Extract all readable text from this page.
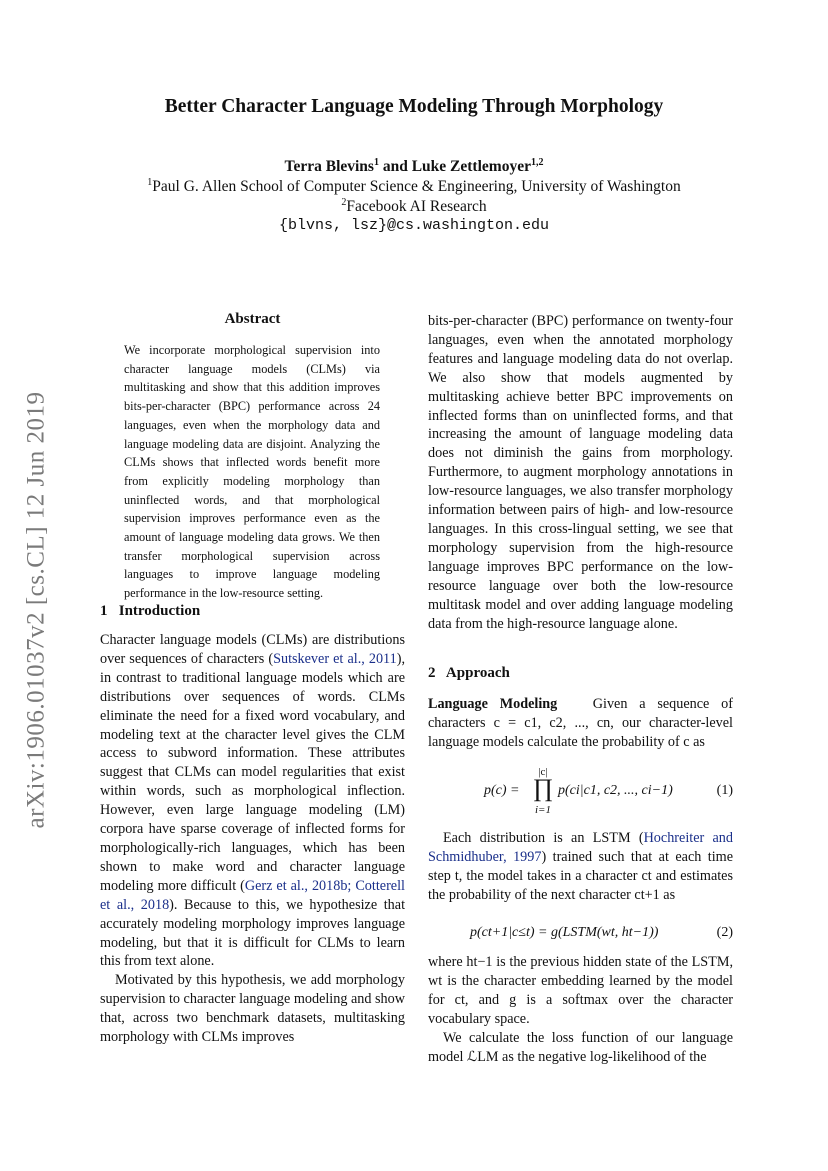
arXiv:1906.01037v2 [cs.CL] 12 Jun 2019
Better Character Language Modeling Through Morphology
Terra Blevins$^1$ and Luke Zettlemoyer$^{1,2}$
$^1$Paul G. Allen School of Computer Science & Engineering, University of Washington
$^2$Facebook AI Research
{blvns, lsz}@cs.washington.edu
Abstract
We incorporate morphological supervision into character language models (CLMs) via multitasking and show that this addition improves bits-per-character (BPC) performance across 24 languages, even when the morphology data and language modeling data are disjoint. Analyzing the CLMs shows that inflected words benefit more from explicitly modeling morphology than uninflected words, and that morphological supervision improves performance even as the amount of language modeling data grows. We then transfer morphological supervision across languages to improve language modeling performance in the low-resource setting.
1   Introduction

Character language models (CLMs) are distributions over sequences of characters (Sutskever et al., 2011), in contrast to traditional language models which are distributions over sequences of words. CLMs eliminate the need for a fixed word vocabulary, and modeling text at the character level gives the CLM access to subword information. These attributes suggest that CLMs can model regularities that exist within words, such as morphological inflection. However, even large language modeling (LM) corpora have sparse coverage of inflected forms for morphologically-rich languages, which has been shown to make word and character language modeling more difficult (Gerz et al., 2018b; Cotterell et al., 2018). Because to this, we hypothesize that accurately modeling morphology improves language modeling, but that it is difficult for CLMs to learn this from text alone.

Motivated by this hypothesis, we add morphology supervision to character language modeling and show that, across two benchmark datasets, multitasking morphology with CLMs improves

bits-per-character (BPC) performance on twenty-four languages, even when the annotated morphology features and language modeling data do not overlap. We also show that models augmented by multitasking achieve better BPC improvements on inflected forms than on uninflected forms, and that increasing the amount of language modeling data does not diminish the gains from morphology. Furthermore, to augment morphology annotations in low-resource languages, we also transfer morphology information between pairs of high- and low-resource languages. In this cross-lingual setting, we see that morphology supervision from the high-resource language improves BPC performance on the low-resource language over both the low-resource multitask model and over adding language modeling data from the high-resource language alone.

2   Approach

Language Modeling Given a sequence of characters c = c1, c2, ..., cn, our character-level language models calculate the probability of c as

p(c) =
|c|
∏
i=1
p(ci|c1, c2, ..., ci−1)	(1)

Each distribution is an LSTM (Hochreiter and Schmidhuber, 1997) trained such that at each time step t, the model takes in a character ct and estimates the probability of the next character ct+1 as

p(ct+1|c≤t) = g(LSTM(wt, ht−1))	(2)

where ht−1 is the previous hidden state of the LSTM, wt is the character embedding learned by the model for ct, and g is a softmax over the character vocabulary space.

We calculate the loss function of our language model ℒLM as the negative log-likelihood of the
